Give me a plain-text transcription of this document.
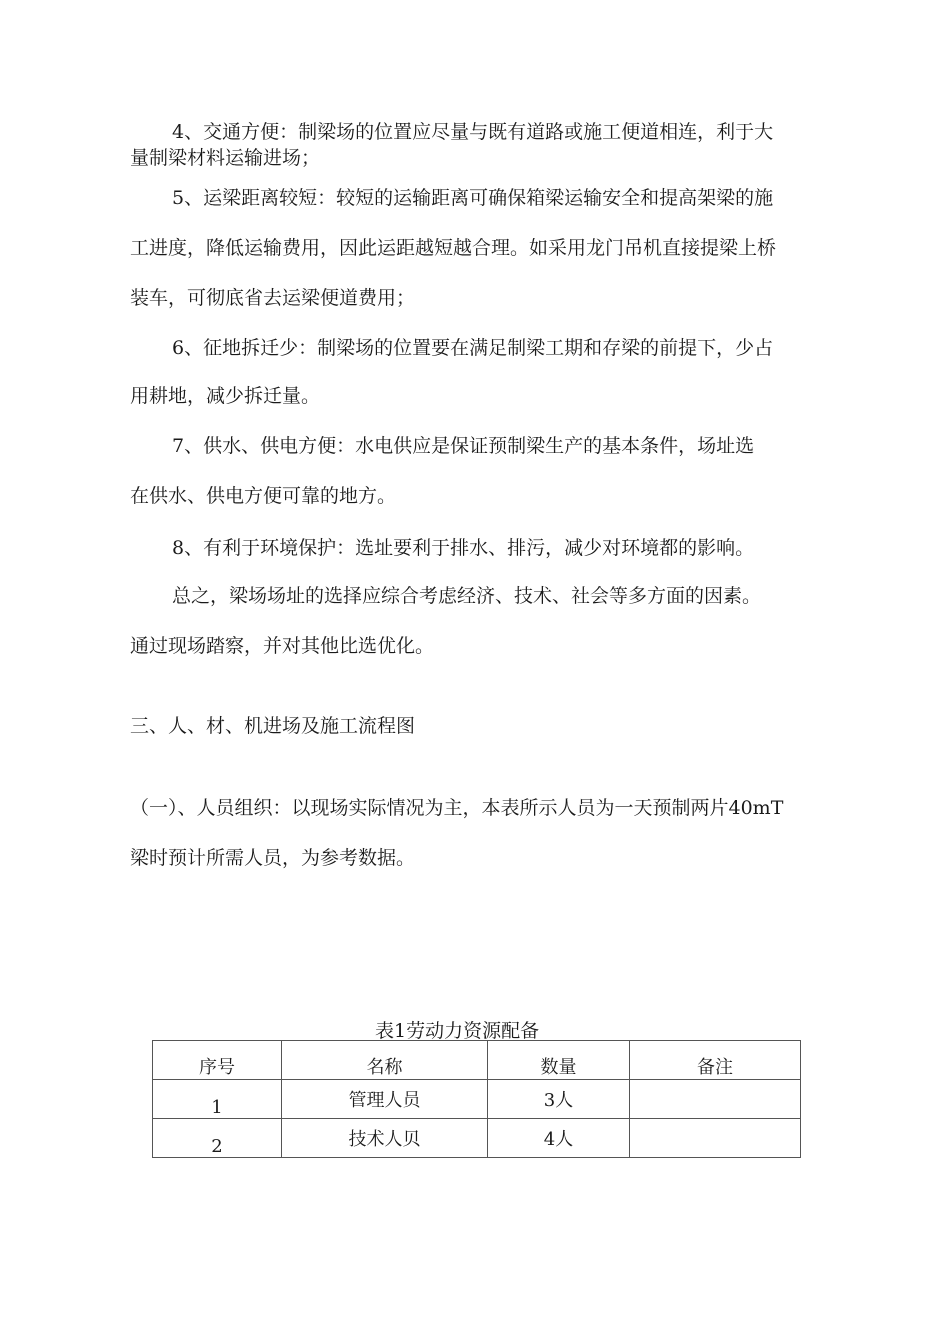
4、交通方便：制梁场的位置应尽量与既有道路或施工便道相连，利于大
量制梁材料运输进场；
5、运梁距离较短：较短的运输距离可确保箱梁运输安全和提高架梁的施
工进度，降低运输费用，因此运距越短越合理。如采用龙门吊机直接提梁上桥
装车，可彻底省去运梁便道费用；
6、征地拆迁少：制梁场的位置要在满足制梁工期和存梁的前提下，少占
用耕地，减少拆迁量。
7、供水、供电方便：水电供应是保证预制梁生产的基本条件，场址选
在供水、供电方便可靠的地方。
8、有利于环境保护：选址要利于排水、排污，减少对环境都的影响。
总之，梁场场址的选择应综合考虑经济、技术、社会等多方面的因素。
通过现场踏察，并对其他比选优化。
三、人、材、机进场及施工流程图
（一）、人员组织：以现场实际情况为主，本表所示人员为一天预制两片40mT
梁时预计所需人员，为参考数据。
表1劳动力资源配备
序号	名称	数量	备注
1	管理人员	3人	
2	技术人贝	4人	
